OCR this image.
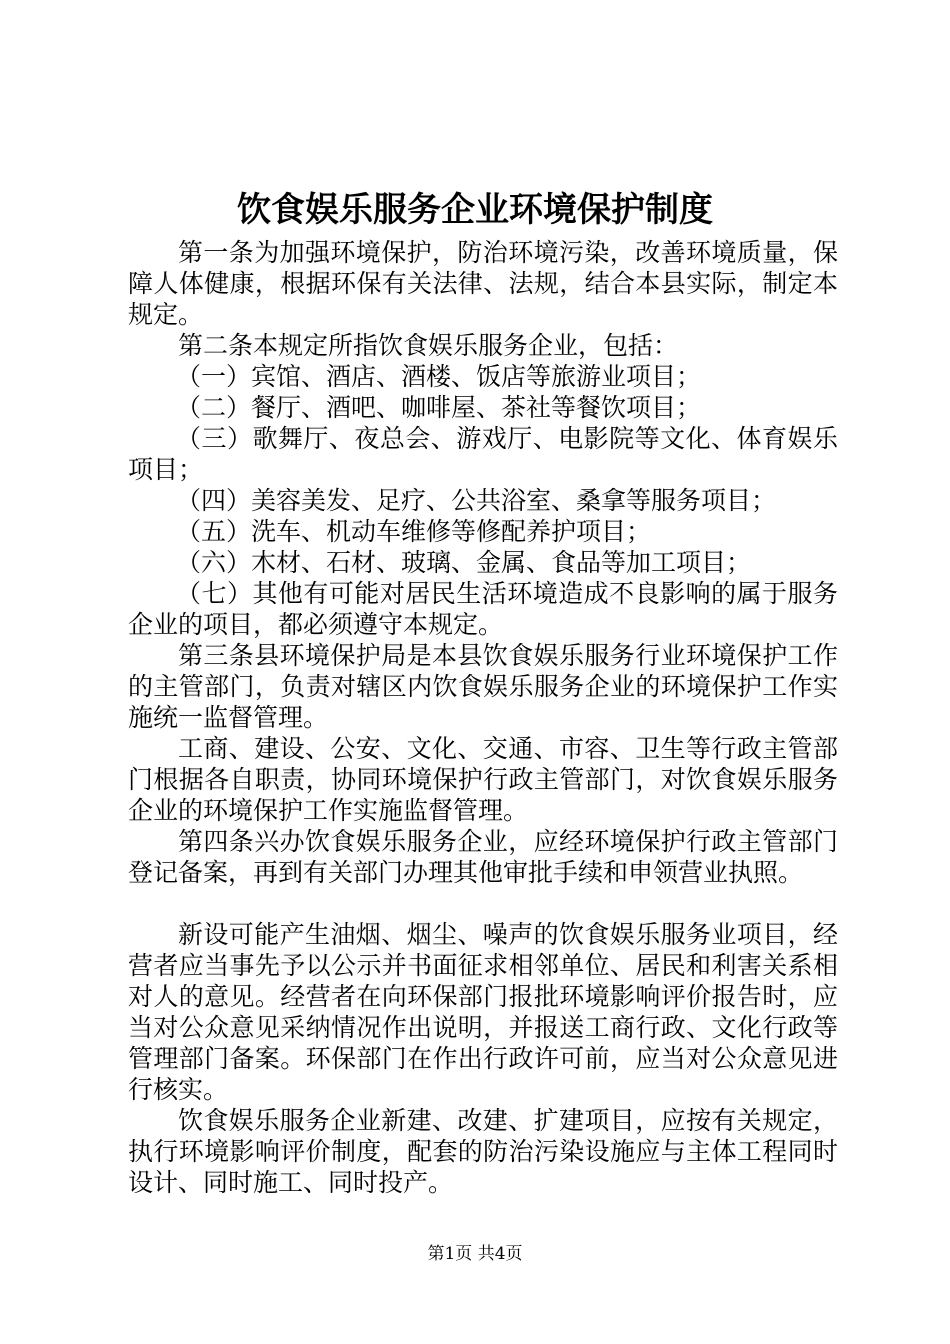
饮食娱乐服务企业环境保护制度

第一条为加强环境保护，防治环境污染，改善环境质量，保障人体健康，根据环保有关法律、法规，结合本县实际，制定本规定。

第二条本规定所指饮食娱乐服务企业，包括：

（一）宾馆、酒店、酒楼、饭店等旅游业项目；

（二）餐厅、酒吧、咖啡屋、茶社等餐饮项目；

（三）歌舞厅、夜总会、游戏厅、电影院等文化、体育娱乐项目；

（四）美容美发、足疗、公共浴室、桑拿等服务项目；

（五）洗车、机动车维修等修配养护项目；

（六）木材、石材、玻璃、金属、食品等加工项目；

（七）其他有可能对居民生活环境造成不良影响的属于服务企业的项目，都必须遵守本规定。

第三条县环境保护局是本县饮食娱乐服务行业环境保护工作的主管部门，负责对辖区内饮食娱乐服务企业的环境保护工作实施统一监督管理。

工商、建设、公安、文化、交通、市容、卫生等行政主管部门根据各自职责，协同环境保护行政主管部门，对饮食娱乐服务企业的环境保护工作实施监督管理。

第四条兴办饮食娱乐服务企业，应经环境保护行政主管部门登记备案，再到有关部门办理其他审批手续和申领营业执照。

新设可能产生油烟、烟尘、噪声的饮食娱乐服务业项目，经营者应当事先予以公示并书面征求相邻单位、居民和利害关系相对人的意见。经营者在向环保部门报批环境影响评价报告时，应当对公众意见采纳情况作出说明，并报送工商行政、文化行政等管理部门备案。环保部门在作出行政许可前，应当对公众意见进行核实。

饮食娱乐服务企业新建、改建、扩建项目，应按有关规定，执行环境影响评价制度，配套的防治污染设施应与主体工程同时设计、同时施工、同时投产。

第1页 共4页
